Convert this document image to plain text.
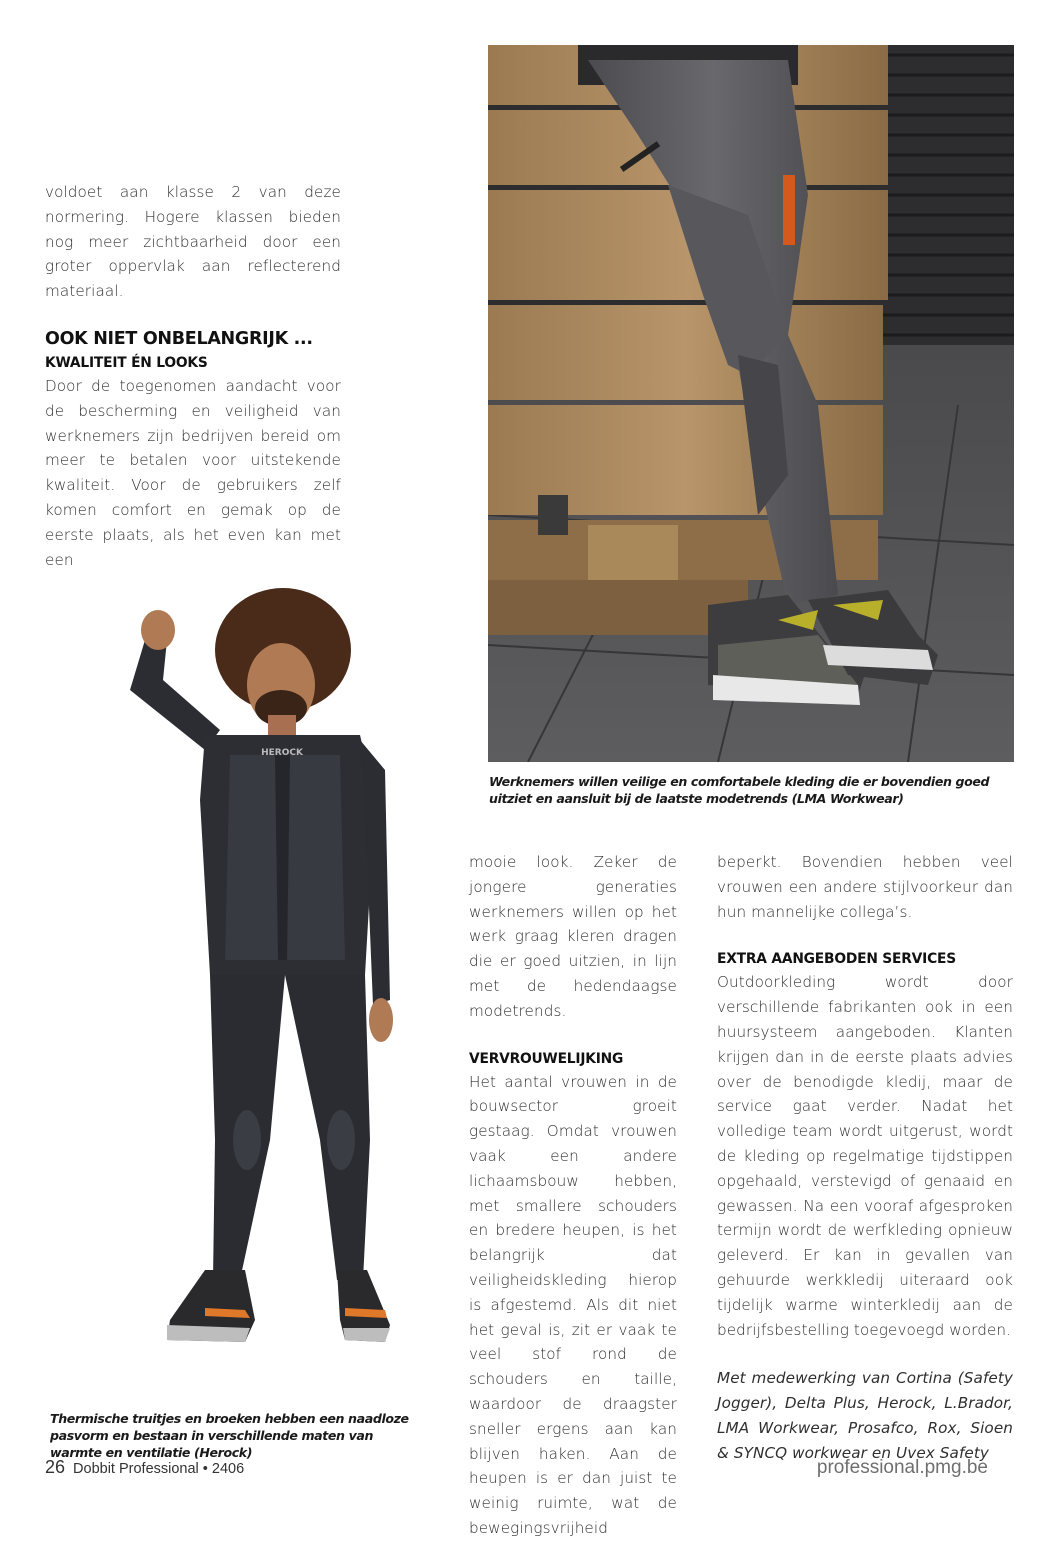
voldoet aan klasse 2 van deze normering. Hogere klassen bieden nog meer zichtbaarheid door een groter oppervlak aan reflecterend materiaal.

OOK NIET ONBELANGRIJK ...
KWALITEIT ÉN LOOKS

Door de toegenomen aandacht voor de bescherming en veiligheid van werknemers zijn bedrijven bereid om meer te betalen voor uitstekende kwaliteit. Voor de gebruikers zelf komen comfort en gemak op de eerste plaats, als het even kan met een

Werknemers willen veilige en comfortabele kleding die er bovendien goed uitziet en aansluit bij de laatste modetrends (LMA Workwear)

HEROCK

Thermische truitjes en broeken hebben een naadloze pasvorm en bestaan in verschillende maten van warmte en ventilatie (Herock)

mooie look. Zeker de jongere generaties werknemers willen op het werk graag kleren dragen die er goed uitzien, in lijn met de hedendaagse modetrends.

VERVROUWELIJKING

Het aantal vrouwen in de bouwsector groeit gestaag. Omdat vrouwen vaak een andere lichaamsbouw hebben, met smallere schouders en bredere heupen, is het belangrijk dat veiligheidskleding hierop is afgestemd. Als dit niet het geval is, zit er vaak te veel stof rond de schouders en taille, waardoor de draagster sneller ergens aan kan blijven haken. Aan de heupen is er dan juist te weinig ruimte, wat de bewegingsvrijheid

beperkt. Bovendien hebben veel vrouwen een andere stijlvoorkeur dan hun mannelijke collega’s.

EXTRA AANGEBODEN SERVICES

Outdoorkleding wordt door verschillende fabrikanten ook in een huursysteem aangeboden. Klanten krijgen dan in de eerste plaats advies over de benodigde kledij, maar de service gaat verder. Nadat het volledige team wordt uitgerust, wordt de kleding op regelmatige tijdstippen opgehaald, verstevigd of genaaid en gewassen. Na een vooraf afgesproken termijn wordt de werfkleding opnieuw geleverd. Er kan in gevallen van gehuurde werkkledij uiteraard ook tijdelijk warme winterkledij aan de bedrijfsbestelling toegevoegd worden.

Met medewerking van Cortina (Safety Jogger), Delta Plus, Herock, L.Brador, LMA Workwear, Prosafco, Rox, Sioen & SYNCQ workwear en Uvex Safety

26 Dobbit Professional • 2406	professional.pmg.be
